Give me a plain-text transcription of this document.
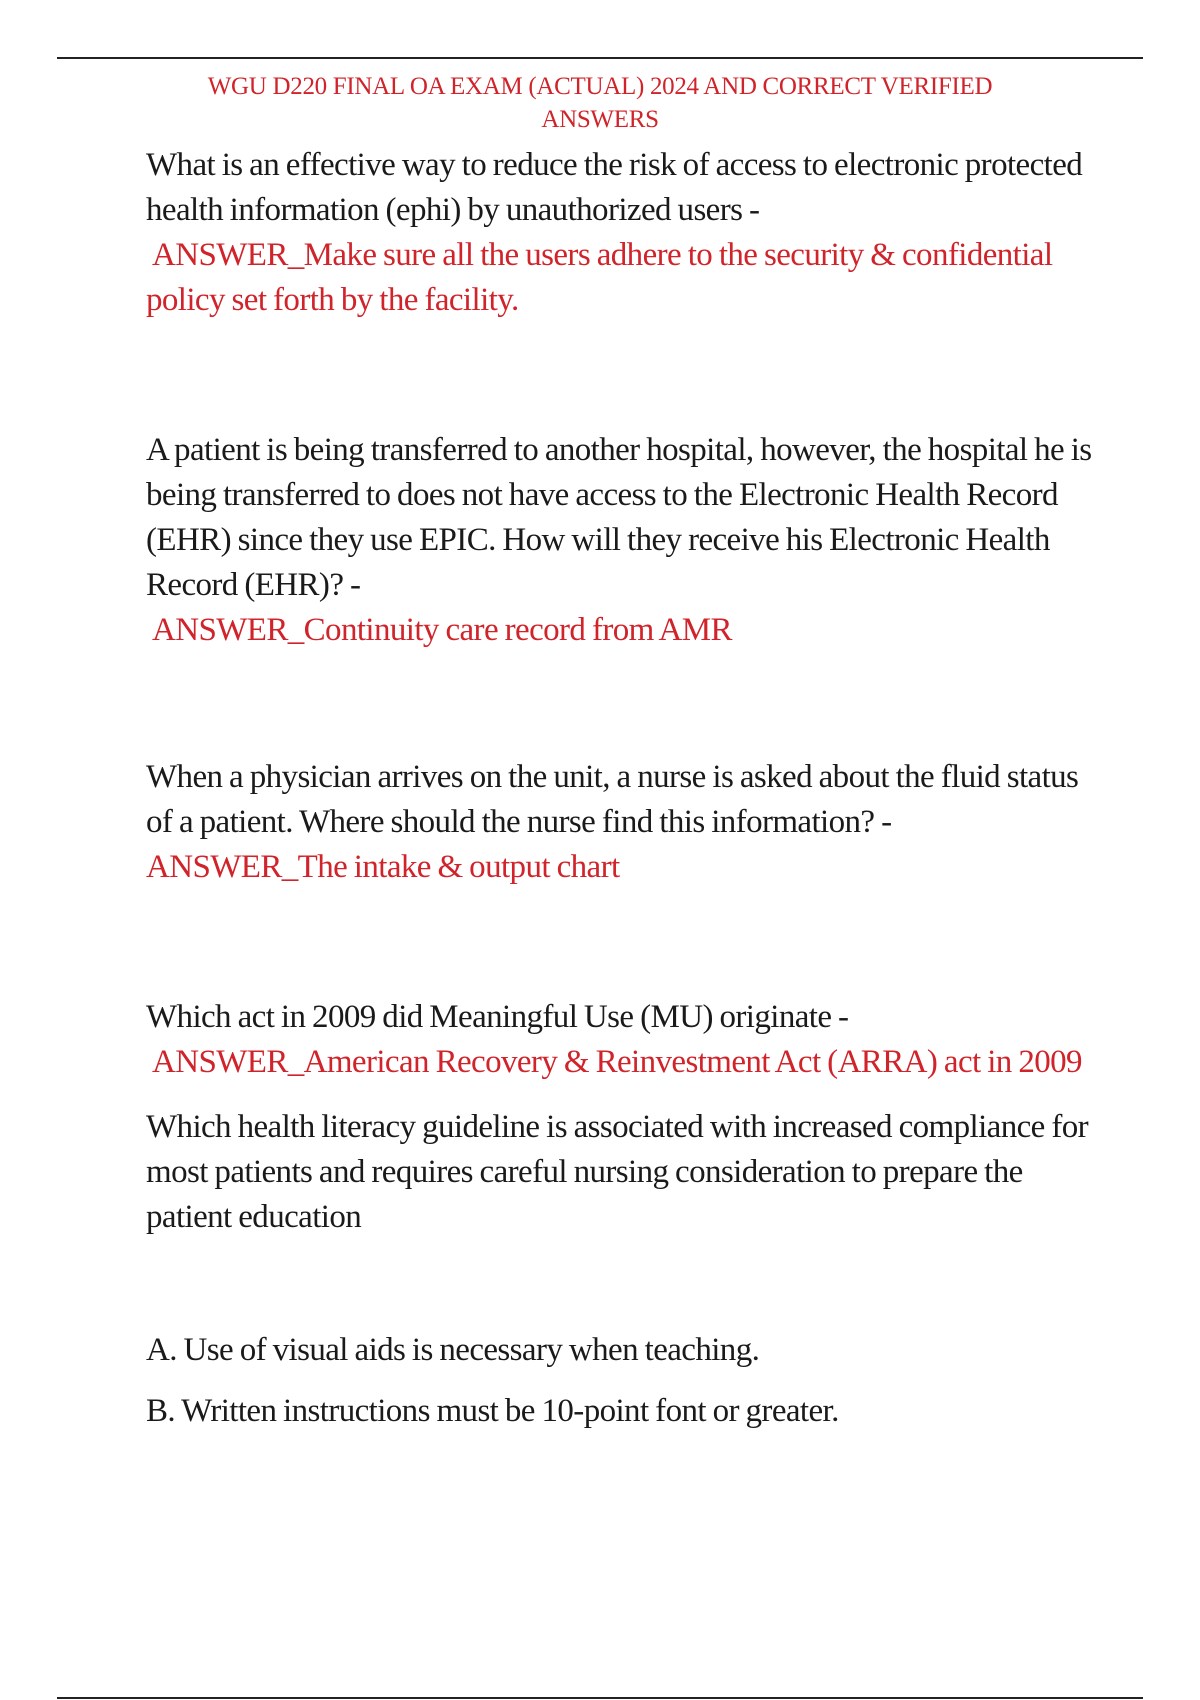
WGU D220 FINAL OA EXAM (ACTUAL) 2024 AND CORRECT VERIFIED ANSWERS

What is an effective way to reduce the risk of access to electronic protected health information (ephi) by unauthorized users -
ANSWER_Make sure all the users adhere to the security & confidential policy set forth by the facility.

A patient is being transferred to another hospital, however, the hospital he is being transferred to does not have access to the Electronic Health Record (EHR) since they use EPIC. How will they receive his Electronic Health Record (EHR)? -
ANSWER_Continuity care record from AMR

When a physician arrives on the unit, a nurse is asked about the fluid status of a patient. Where should the nurse find this information? - ANSWER_The intake & output chart

Which act in 2009 did Meaningful Use (MU) originate -
ANSWER_American Recovery & Reinvestment Act (ARRA) act in 2009

Which health literacy guideline is associated with increased compliance for most patients and requires careful nursing consideration to prepare the patient education

A. Use of visual aids is necessary when teaching.

B. Written instructions must be 10-point font or greater.
